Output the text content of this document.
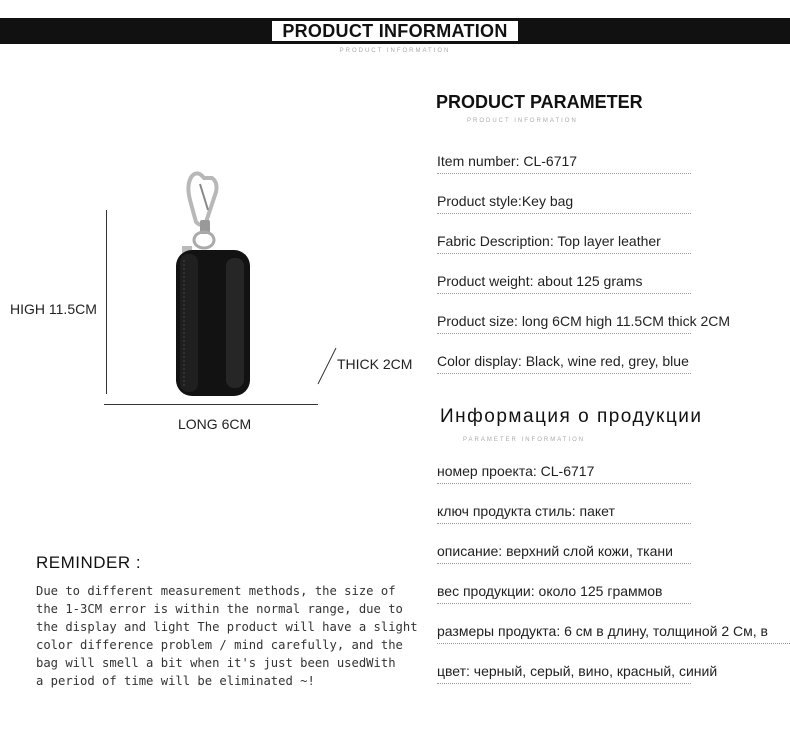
PRODUCT INFORMATION
PRODUCT INFORMATION
HIGH 11.5CM
LONG 6CM
THICK 2CM
PRODUCT PARAMETER
PRODUCT INFORMATION
Item number: CL-6717
Product style:Key bag
Fabric Description: Top layer leather
Product weight: about 125 grams
Product size: long 6CM high 11.5CM thick 2CM
Color display: Black, wine red, grey, blue
Информация о продукции
PARAMETER INFORMATION
номер проекта: CL-6717
ключ продукта стиль: пакет
описание: верхний слой кожи, ткани
вес продукции: около 125 граммов
размеры продукта: 6 см в длину, толщиной 2 См, в
цвет: черный, серый, вино, красный, синий
REMINDER :
Due to different measurement methods, the size of
the 1-3CM error is within the normal range, due to
the display and light The product will have a slight
color difference problem / mind carefully, and the
bag will smell a bit when it's just been usedWith
a period of time will be eliminated ~!
